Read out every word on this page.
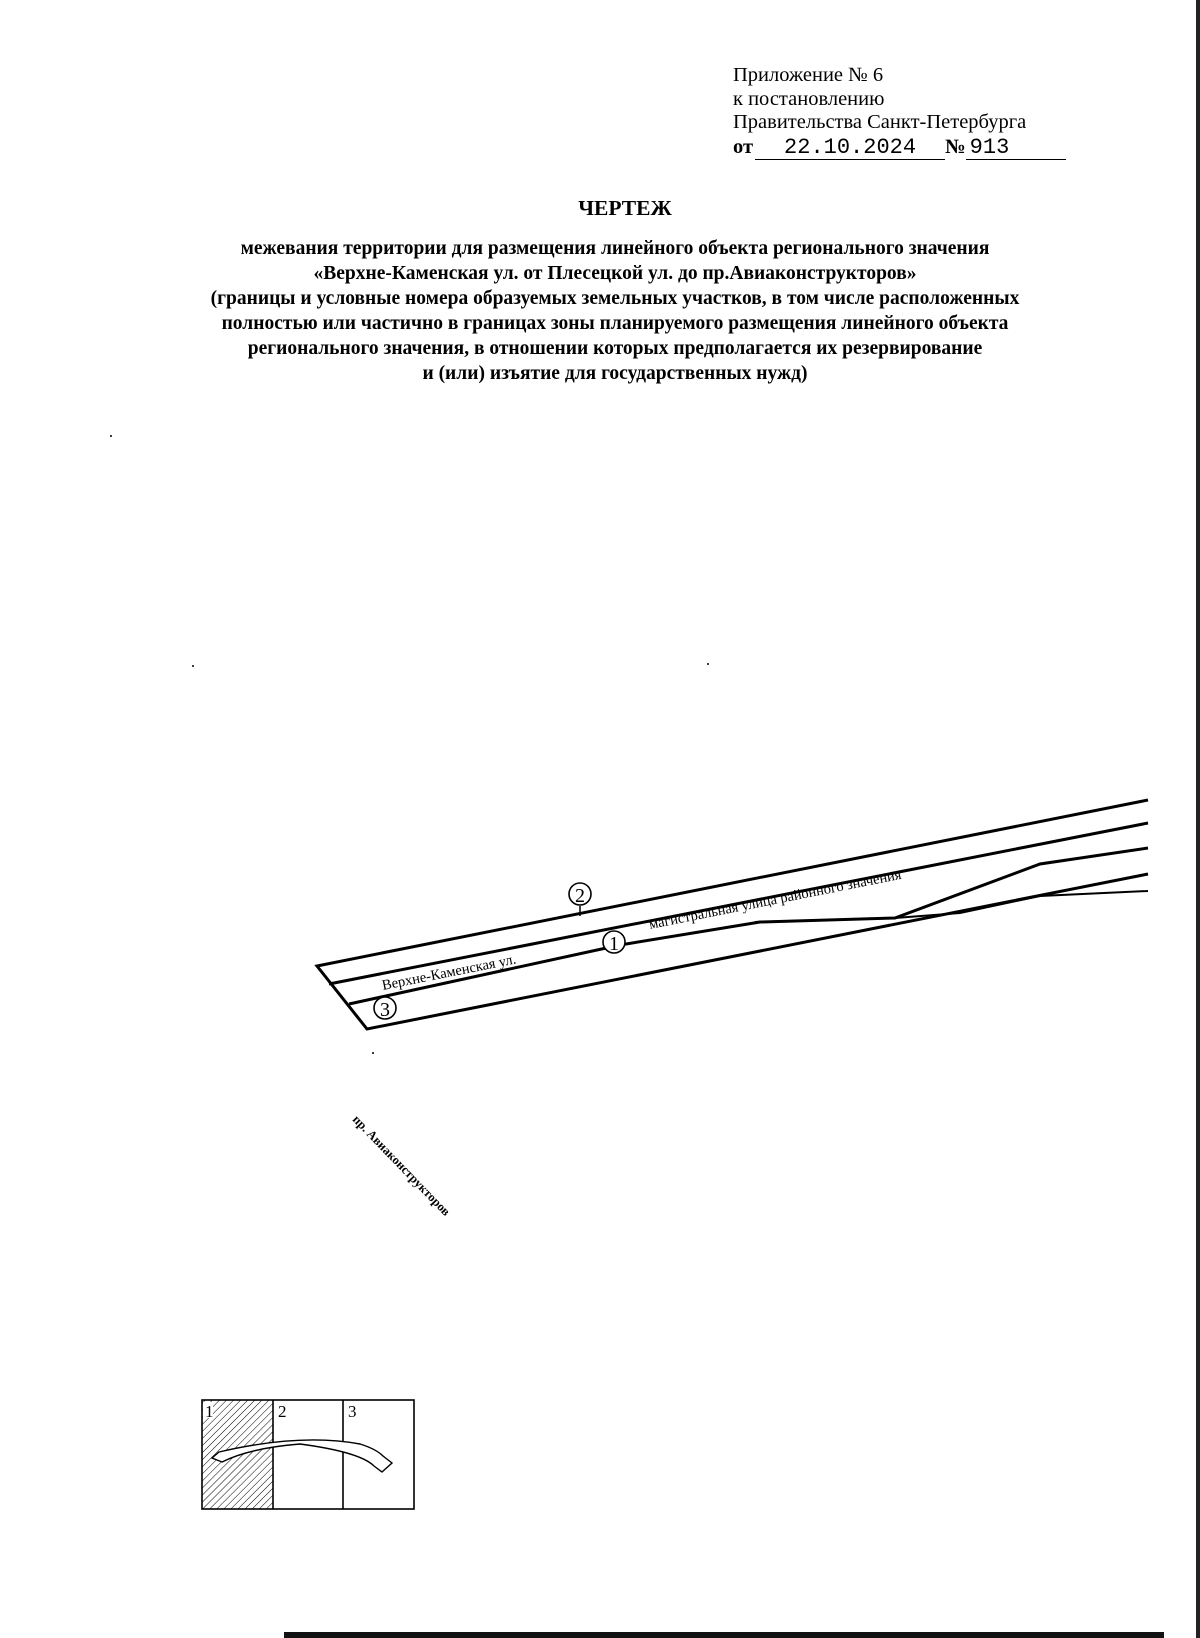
Приложение № 6
к постановлению
Правительства Санкт-Петербурга
от 22.10.2024 № 913
ЧЕРТЕЖ
межевания территории для размещения линейного объекта регионального значения
«Верхне-Каменская ул. от Плесецкой ул. до пр.Авиаконструкторов»
(границы и условные номера образуемых земельных участков, в том числе расположенных
полностью или частично в границах зоны планируемого размещения линейного объекта
регионального значения, в отношении которых предполагается их резервирование
и (или) изъятие для государственных нужд)
1
2
3
Верхне-Каменская ул.
магистральная улица районного значения
пр. Авиаконструкторов
1	2	3
